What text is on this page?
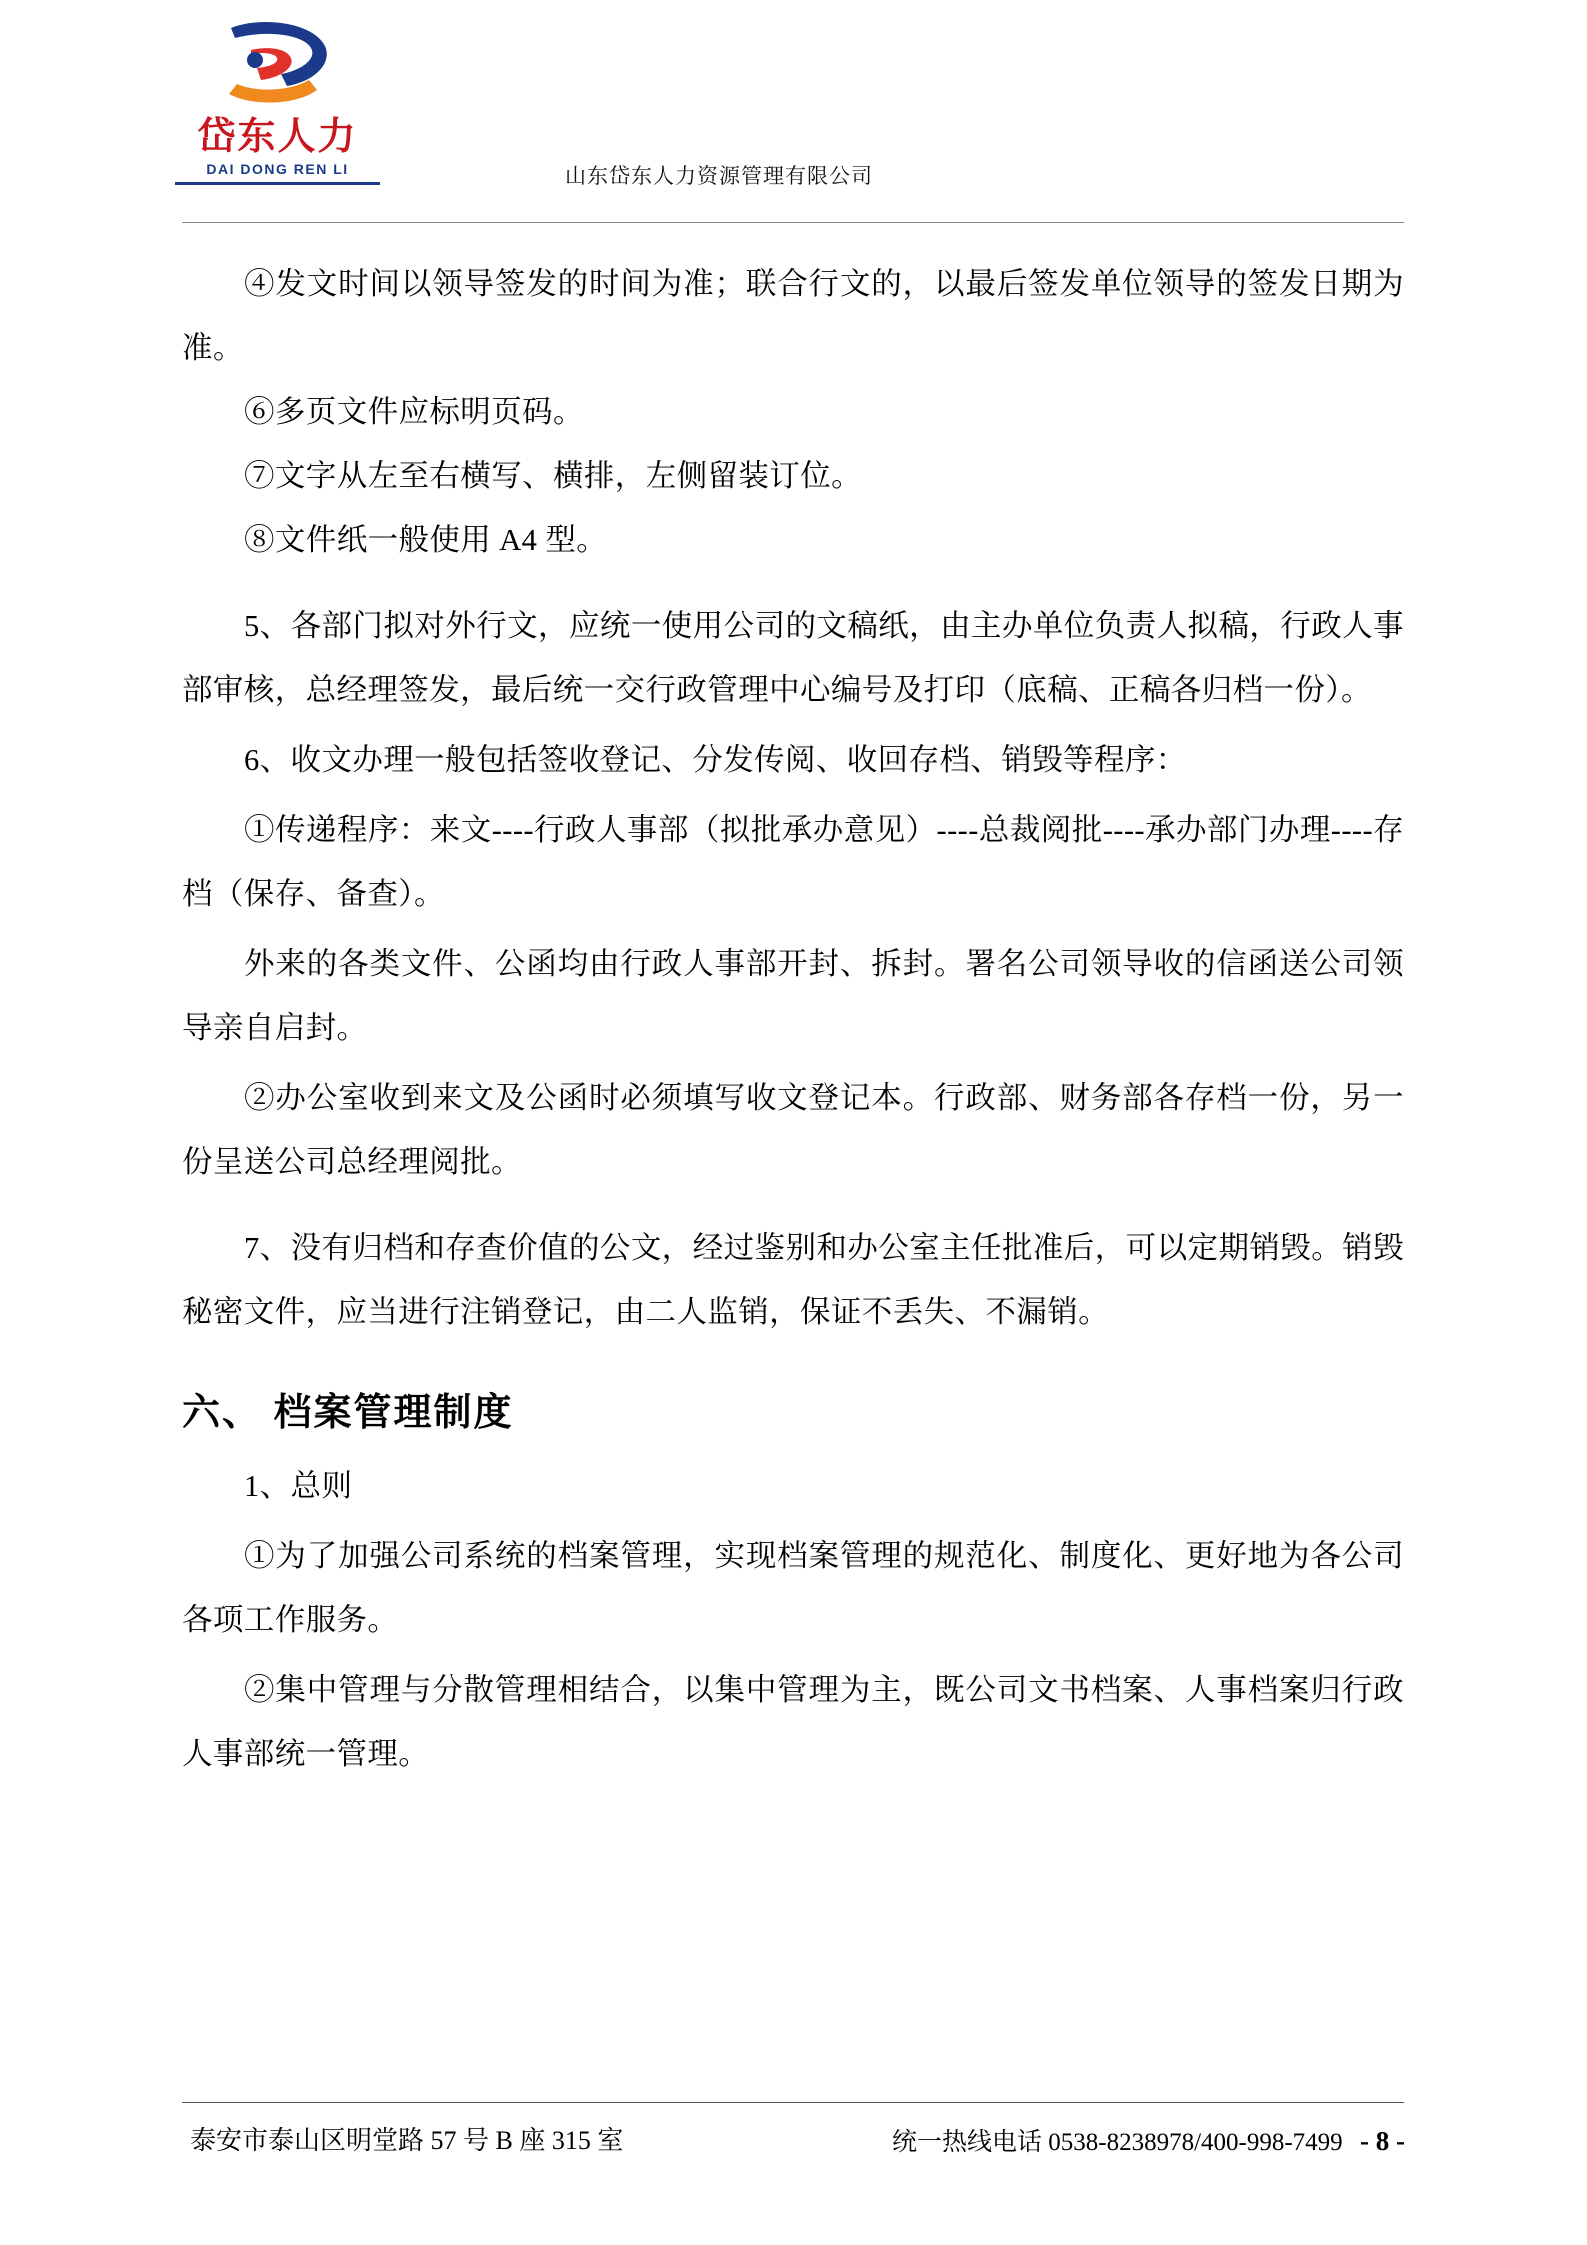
岱东人力
DAI DONG REN LI	山东岱东人力资源管理有限公司

④发文时间以领导签发的时间为准；联合行文的，以最后签发单位领导的签发日期为准。

⑥多页文件应标明页码。

⑦文字从左至右横写、横排，左侧留装订位。

⑧文件纸一般使用 A4 型。

5、各部门拟对外行文，应统一使用公司的文稿纸，由主办单位负责人拟稿，行政人事部审核，总经理签发，最后统一交行政管理中心编号及打印（底稿、正稿各归档一份）。

6、收文办理一般包括签收登记、分发传阅、收回存档、销毁等程序：

①传递程序：来文----行政人事部（拟批承办意见）----总裁阅批----承办部门办理----存档（保存、备查）。

外来的各类文件、公函均由行政人事部开封、拆封。署名公司领导收的信函送公司领导亲自启封。

②办公室收到来文及公函时必须填写收文登记本。行政部、财务部各存档一份，另一份呈送公司总经理阅批。

7、没有归档和存查价值的公文，经过鉴别和办公室主任批准后，可以定期销毁。销毁秘密文件，应当进行注销登记，由二人监销，保证不丢失、不漏销。

六、 档案管理制度

1、总则

①为了加强公司系统的档案管理，实现档案管理的规范化、制度化、更好地为各公司各项工作服务。

②集中管理与分散管理相结合，以集中管理为主，既公司文书档案、人事档案归行政人事部统一管理。

泰安市泰山区明堂路 57 号 B 座 315 室	统一热线电话 0538-8238978/400-998-7499 - 8 -
